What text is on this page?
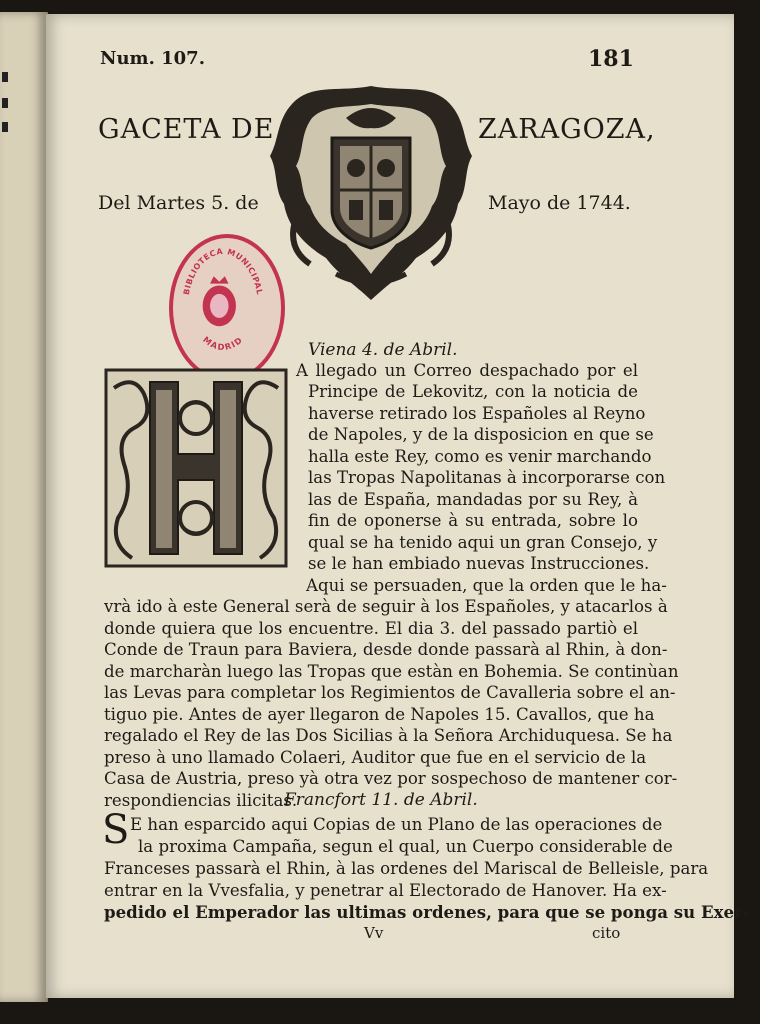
Num. 107.	181
GACETA DE	ZARAGOZA,
Del Martes 5. de	Mayo de 1744.
BIBLIOTECA MUNICIPAL
MADRID	Viena 4. de Abril.
A llegado un Correo despachado por el
Principe de Lekovitz, con la noticia de
haverse retirado los Españoles al Reyno
de Napoles, y de la disposicion en que se
halla este Rey, como es venir marchando
las Tropas Napolitanas à incorporarse con
las de España, mandadas por su Rey, à
fin de oponerse à su entrada, sobre lo
qual se ha tenido aqui un gran Consejo, y
se le han embiado nuevas Instrucciones.
Aqui se persuaden, que la orden que le ha-
vrà ido à este General serà de seguir à los Españoles, y atacarlos à
donde quiera que los encuentre. El dia 3. del passado partiò el
Conde de Traun para Baviera, desde donde passarà al Rhin, à don-
de marcharàn luego las Tropas que estàn en Bohemia. Se continùan
las Levas para completar los Regimientos de Cavalleria sobre el an-
tiguo pie. Antes de ayer llegaron de Napoles 15. Cavallos, que ha
regalado el Rey de las Dos Sicilias à la Señora Archiduquesa. Se ha
preso à uno llamado Colaeri, Auditor que fue en el servicio de la
Casa de Austria, preso yà otra vez por sospechoso de mantener cor-
respondiencias ilicitas.
Francfort 11. de Abril.
S E han esparcido aqui Copias de un Plano de las operaciones de
la proxima Campaña, segun el qual, un Cuerpo considerable de
Franceses passarà el Rhin, à las ordenes del Mariscal de Belleisle, para
entrar en la Vvesfalia, y penetrar al Electorado de Hanover. Ha ex-
pedido el Emperador las ultimas ordenes, para que se ponga su Exer-
Vv	cito
